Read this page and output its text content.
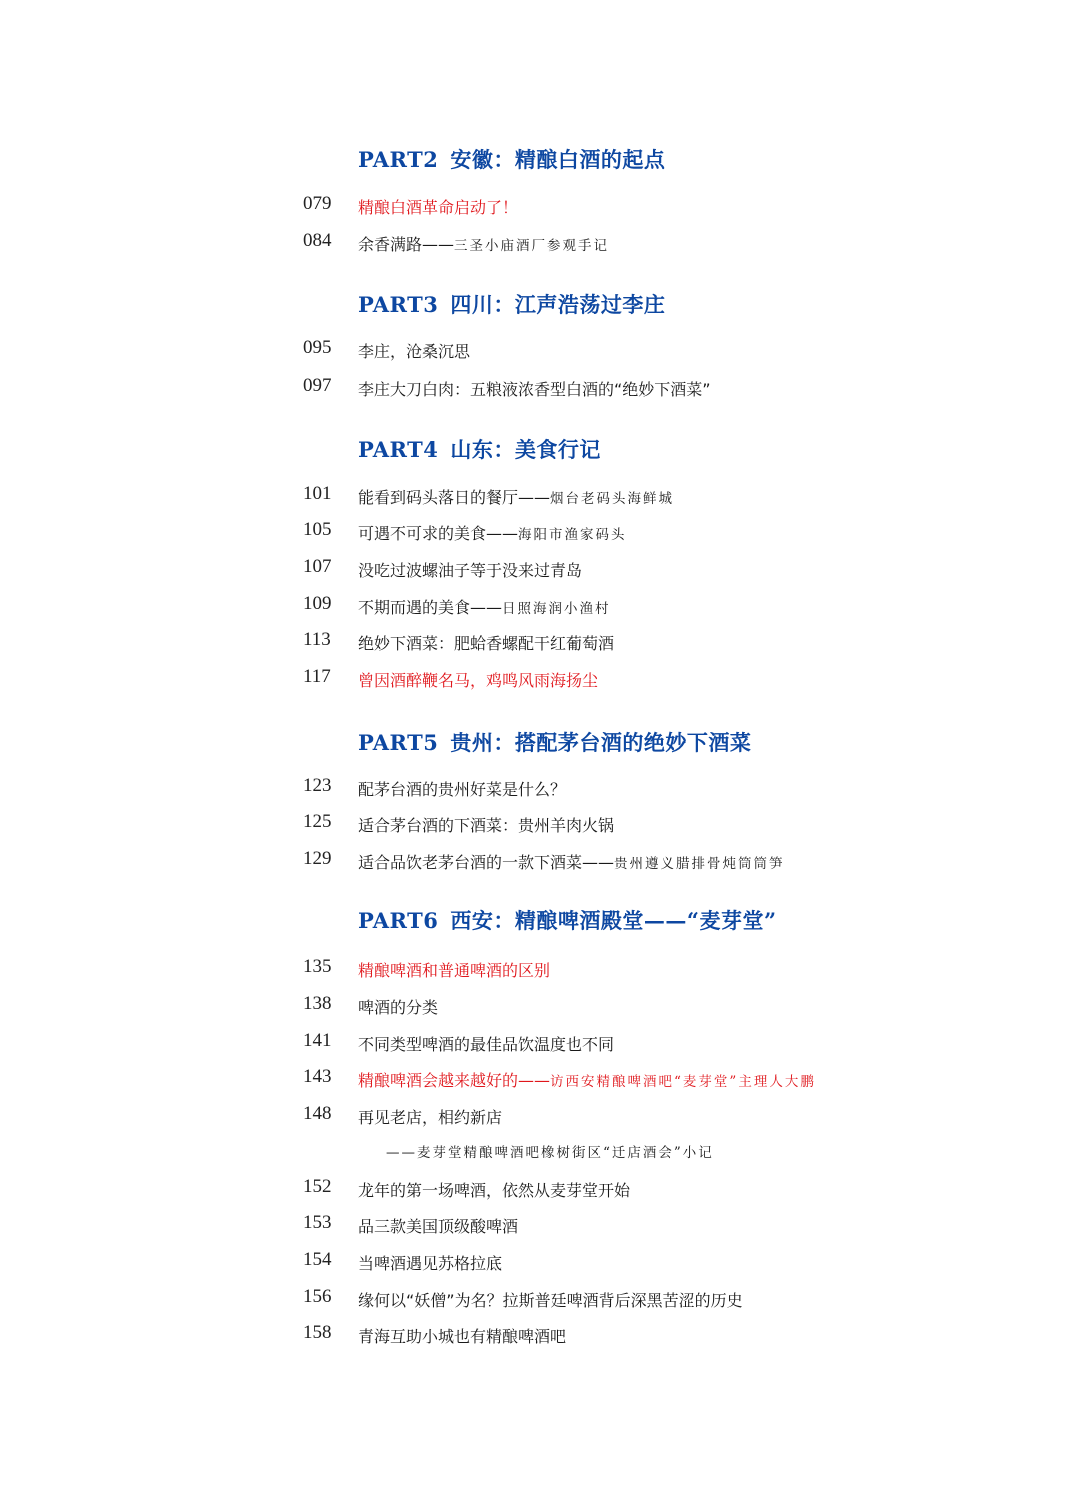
PART2 安徽：精酿白酒的起点
079 精酿白酒革命启动了！
084 余香满路——三圣小庙酒厂参观手记
PART3 四川：江声浩荡过李庄
095 李庄，沧桑沉思
097 李庄大刀白肉：五粮液浓香型白酒的“绝妙下酒菜”
PART4 山东：美食行记
101 能看到码头落日的餐厅——烟台老码头海鲜城
105 可遇不可求的美食——海阳市渔家码头
107 没吃过波螺油子等于没来过青岛
109 不期而遇的美食——日照海润小渔村
113 绝妙下酒菜：肥蛤香螺配干红葡萄酒
117 曾因酒醉鞭名马，鸡鸣风雨海扬尘
PART5 贵州：搭配茅台酒的绝妙下酒菜
123 配茅台酒的贵州好菜是什么？
125 适合茅台酒的下酒菜：贵州羊肉火锅
129 适合品饮老茅台酒的一款下酒菜——贵州遵义腊排骨炖筒筒笋
PART6 西安：精酿啤酒殿堂——“麦芽堂”
135 精酿啤酒和普通啤酒的区别
138 啤酒的分类
141 不同类型啤酒的最佳品饮温度也不同
143 精酿啤酒会越来越好的——访西安精酿啤酒吧“麦芽堂”主理人大鹏
148 再见老店，相约新店
——麦芽堂精酿啤酒吧橡树街区“迁店酒会”小记
152 龙年的第一场啤酒，依然从麦芽堂开始
153 品三款美国顶级酸啤酒
154 当啤酒遇见苏格拉底
156 缘何以“妖僧”为名？拉斯普廷啤酒背后深黑苦涩的历史
158 青海互助小城也有精酿啤酒吧
